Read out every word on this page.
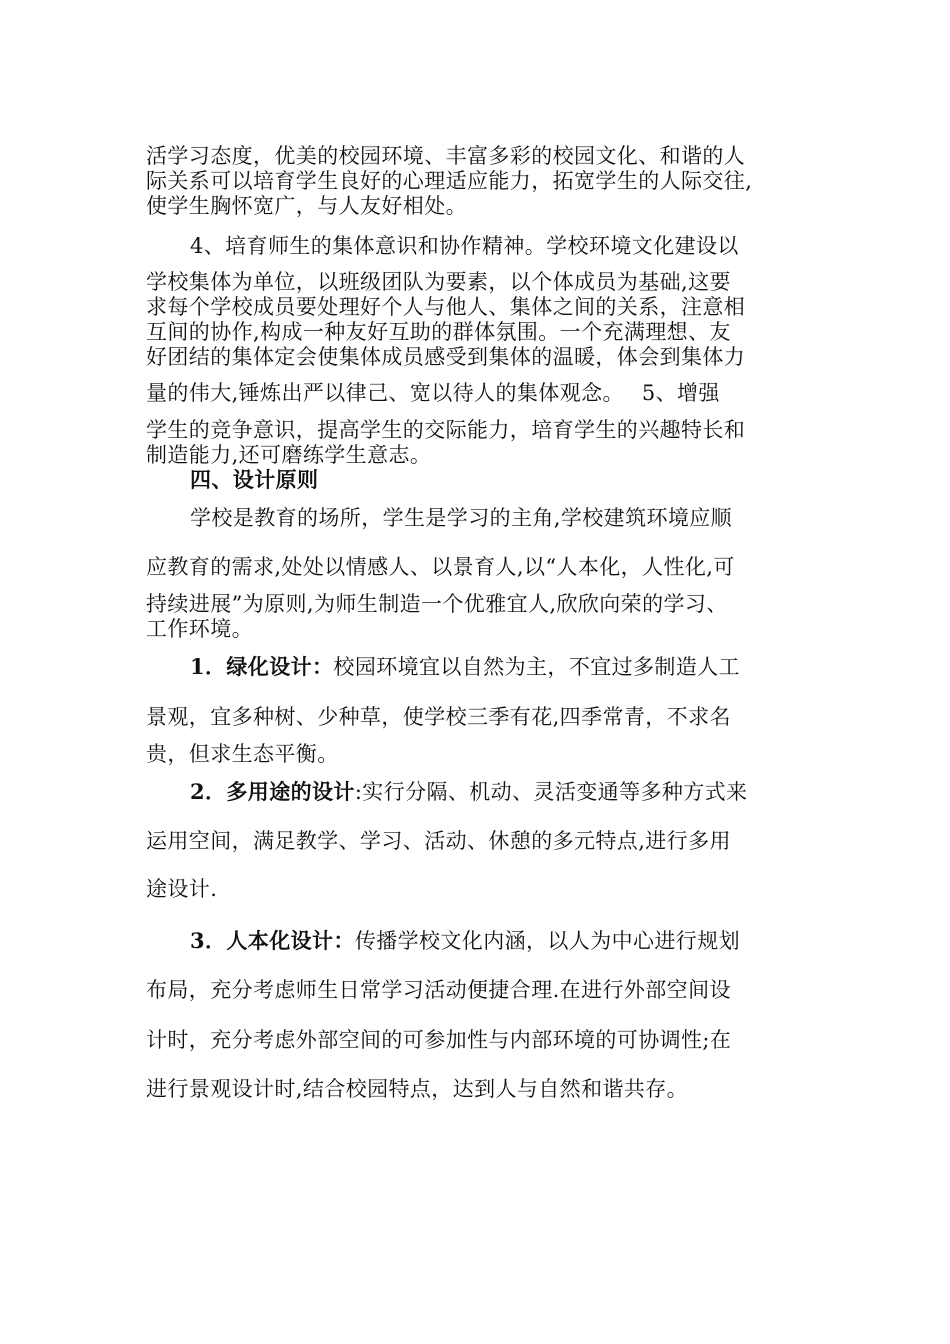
活学习态度，优美的校园环境、丰富多彩的校园文化、和谐的人
际关系可以培育学生良好的心理适应能力，拓宽学生的人际交往,
使学生胸怀宽广，与人友好相处。
4、培育师生的集体意识和协作精神。学校环境文化建设以
学校集体为单位，以班级团队为要素，以个体成员为基础,这要
求每个学校成员要处理好个人与他人、集体之间的关系，注意相
互间的协作,构成一种友好互助的群体氛围。一个充满理想、友
好团结的集体定会使集体成员感受到集体的温暖，体会到集体力
量的伟大,锤炼出严以律己、宽以待人的集体观念。　 5、增强
学生的竞争意识，提高学生的交际能力，培育学生的兴趣特长和
制造能力,还可磨练学生意志。
四、设计原则
学校是教育的场所，学生是学习的主角,学校建筑环境应顺
应教育的需求,处处以情感人、以景育人,以“人本化，人性化,可
持续进展”为原则,为师生制造一个优雅宜人,欣欣向荣的学习、
工作环境。
1．绿化设计：校园环境宜以自然为主，不宜过多制造人工
景观，宜多种树、少种草，使学校三季有花,四季常青，不求名
贵，但求生态平衡。
2．多用途的设计:实行分隔、机动、灵活变通等多种方式来
运用空间，满足教学、学习、活动、休憩的多元特点,进行多用
途设计.
3．人本化设计：传播学校文化内涵，以人为中心进行规划
布局，充分考虑师生日常学习活动便捷合理.在进行外部空间设
计时，充分考虑外部空间的可参加性与内部环境的可协调性;在
进行景观设计时,结合校园特点，达到人与自然和谐共存。
